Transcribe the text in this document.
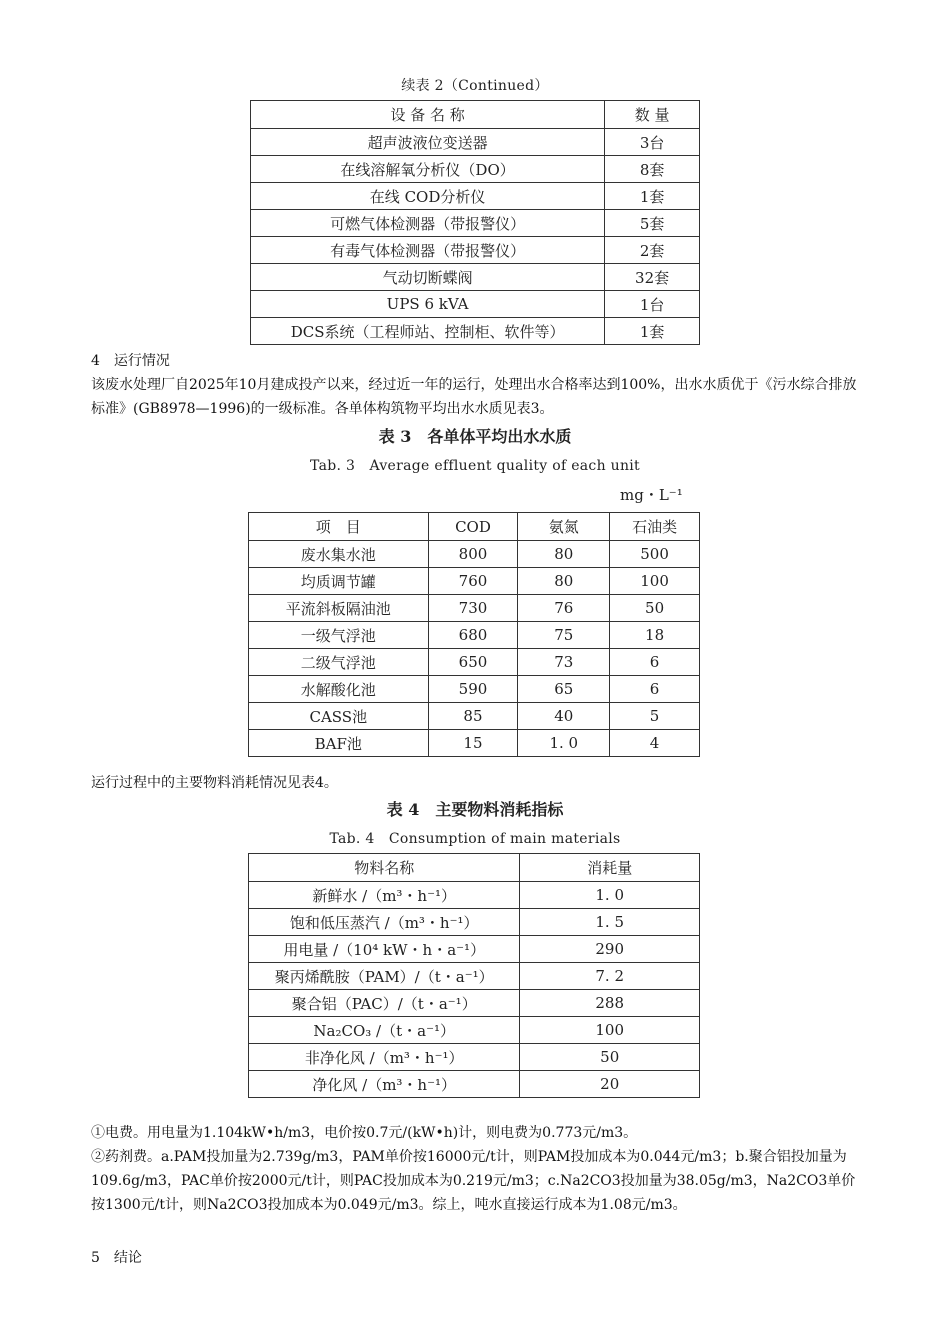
续表 2（Continued）
设 备 名 称	数 量
超声波液位变送器	3台
在线溶解氧分析仪（DO）	8套
在线 COD分析仪	1套
可燃气体检测器（带报警仪）	5套
有毒气体检测器（带报警仪）	2套
气动切断蝶阀	32套
UPS 6 kVA	1台
DCS系统（工程师站、控制柜、软件等）	1套
4　运行情况
该废水处理厂自2025年10月建成投产以来，经过近一年的运行，处理出水合格率达到100%，出水水质优于《污水综合排放标准》(GB8978—1996)的一级标准。各单体构筑物平均出水水质见表3。
表 3　各单体平均出水水质
Tab. 3　Average effluent quality of each unit
mg・L⁻¹
项　目	COD	氨氮	石油类
废水集水池	800	80	500
均质调节罐	760	80	100
平流斜板隔油池	730	76	50
一级气浮池	680	75	18
二级气浮池	650	73	6
水解酸化池	590	65	6
CASS池	85	40	5
BAF池	15	1. 0	4
运行过程中的主要物料消耗情况见表4。
表 4　主要物料消耗指标
Tab. 4　Consumption of main materials
物料名称	消耗量
新鲜水 /（m³・h⁻¹）	1. 0
饱和低压蒸汽 /（m³・h⁻¹）	1. 5
用电量 /（10⁴ kW・h・a⁻¹）	290
聚丙烯酰胺（PAM）/（t・a⁻¹）	7. 2
聚合铝（PAC）/（t・a⁻¹）	288
Na₂CO₃ /（t・a⁻¹）	100
非净化风 /（m³・h⁻¹）	50
净化风 /（m³・h⁻¹）	20
①电费。用电量为1.104kW•h/m3，电价按0.7元/(kW•h)计，则电费为0.773元/m3。
②药剂费。a.PAM投加量为2.739g/m3，PAM单价按16000元/t计，则PAM投加成本为0.044元/m3；b.聚合铝投加量为109.6g/m3，PAC单价按2000元/t计，则PAC投加成本为0.219元/m3；c.Na2CO3投加量为38.05g/m3，Na2CO3单价按1300元/t计，则Na2CO3投加成本为0.049元/m3。综上，吨水直接运行成本为1.08元/m3。
5　结论
